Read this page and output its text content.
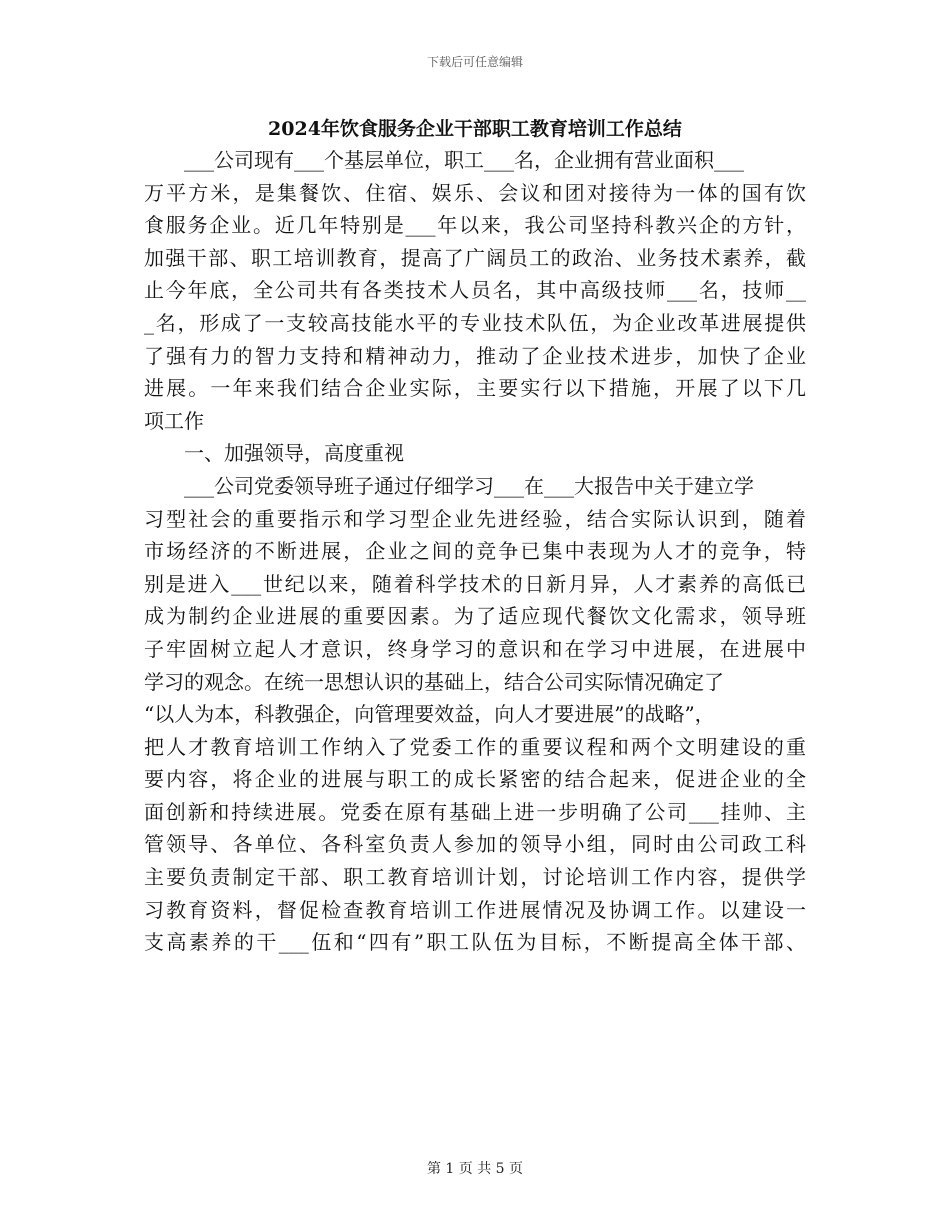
下载后可任意编辑
2024年饮食服务企业干部职工教育培训工作总结
___公司现有___个基层单位，职工___名，企业拥有营业面积___
万平方米，是集餐饮、住宿、娱乐、会议和团对接待为一体的国有饮
食服务企业。近几年特别是___年以来，我公司坚持科教兴企的方针，
加强干部、职工培训教育，提高了广阔员工的政治、业务技术素养，截
止今年底，全公司共有各类技术人员名，其中高级技师___名，技师__
_名，形成了一支较高技能水平的专业技术队伍，为企业改革进展提供
了强有力的智力支持和精神动力，推动了企业技术进步，加快了企业
进展。一年来我们结合企业实际，主要实行以下措施，开展了以下几
项工作
一、加强领导，高度重视
___公司党委领导班子通过仔细学习___在___大报告中关于建立学
习型社会的重要指示和学习型企业先进经验，结合实际认识到，随着
市场经济的不断进展，企业之间的竞争已集中表现为人才的竞争，特
别是进入___世纪以来，随着科学技术的日新月异，人才素养的高低已
成为制约企业进展的重要因素。为了适应现代餐饮文化需求，领导班
子牢固树立起人才意识，终身学习的意识和在学习中进展，在进展中
学习的观念。在统一思想认识的基础上，结合公司实际情况确定了
“以人为本，科教强企，向管理要效益，向人才要进展”的战略”，
把人才教育培训工作纳入了党委工作的重要议程和两个文明建设的重
要内容，将企业的进展与职工的成长紧密的结合起来，促进企业的全
面创新和持续进展。党委在原有基础上进一步明确了公司___挂帅、主
管领导、各单位、各科室负责人参加的领导小组，同时由公司政工科
主要负责制定干部、职工教育培训计划，讨论培训工作内容，提供学
习教育资料，督促检查教育培训工作进展情况及协调工作。以建设一
支高素养的干___伍和“四有”职工队伍为目标，不断提高全体干部、
第 1 页 共 5 页
